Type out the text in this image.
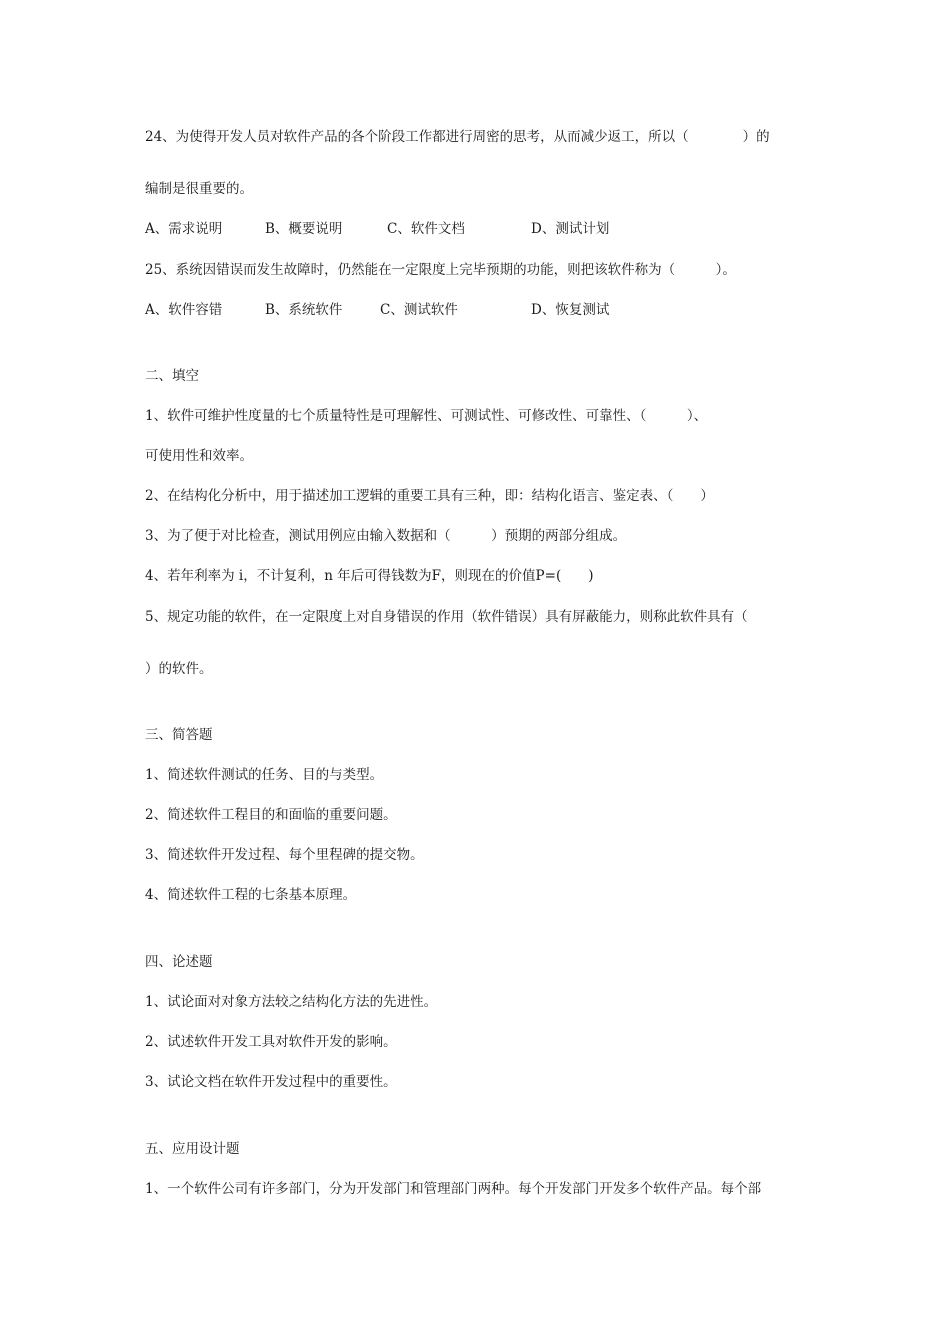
24、为使得开发人员对软件产品的各个阶段工作都进行周密的思考，从而减少返工，所以（　　　　）的
编制是很重要的。
A、需求说明	B、概要说明	C、软件文档	D、测试计划
25、系统因错误而发生故障时，仍然能在一定限度上完毕预期的功能，则把该软件称为（　　　）。
A、软件容错	B、系统软件	C、测试软件	D、恢复测试
二、填空
1、软件可维护性度量的七个质量特性是可理解性、可测试性、可修改性、可靠性、（　　　）、
可使用性和效率。
2、在结构化分析中，用于描述加工逻辑的重要工具有三种，即：结构化语言、鉴定表、（　　）
3、为了便于对比检查，测试用例应由输入数据和（　　　）预期的两部分组成。
4、若年利率为 i，不计复利，n 年后可得钱数为F，则现在的价值P=(　　)
5、规定功能的软件，在一定限度上对自身错误的作用（软件错误）具有屏蔽能力，则称此软件具有（
）的软件。
三、简答题
1、简述软件测试的任务、目的与类型。
2、简述软件工程目的和面临的重要问题。
3、简述软件开发过程、每个里程碑的提交物。
4、简述软件工程的七条基本原理。
四、论述题
1、试论面对对象方法较之结构化方法的先进性。
2、试述软件开发工具对软件开发的影响。
3、试论文档在软件开发过程中的重要性。
五、应用设计题
1、一个软件公司有许多部门，分为开发部门和管理部门两种。每个开发部门开发多个软件产品。每个部
